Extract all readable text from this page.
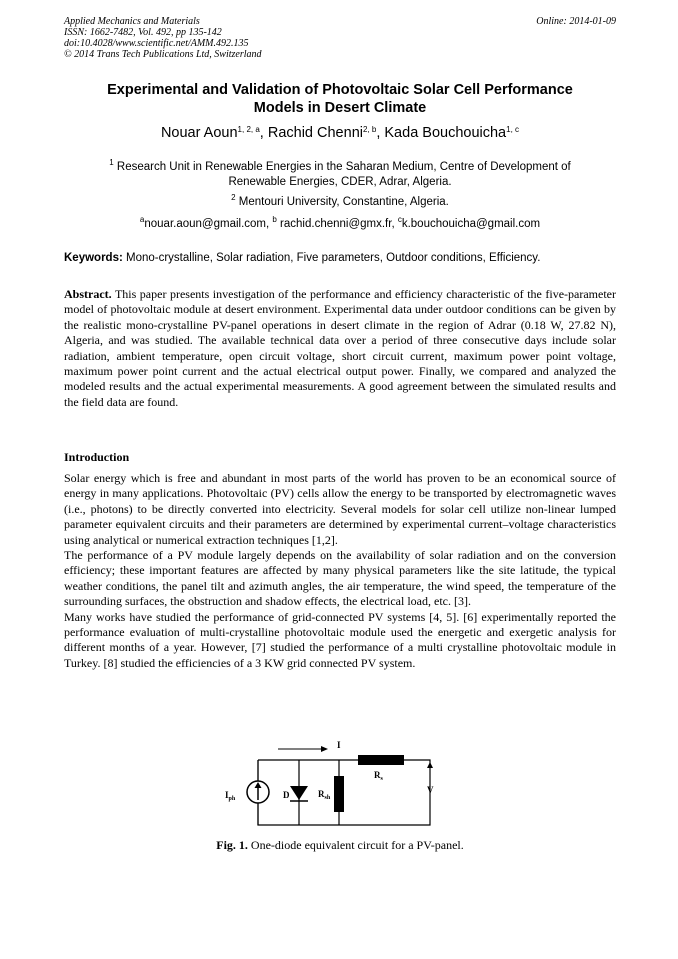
Applied Mechanics and Materials
ISSN: 1662-7482, Vol. 492, pp 135-142
doi:10.4028/www.scientific.net/AMM.492.135
© 2014 Trans Tech Publications Ltd, Switzerland
Online: 2014-01-09
Experimental and Validation of Photovoltaic Solar Cell Performance
Models in Desert Climate
Nouar Aoun$^{1, 2, a}$, Rachid Chenni$^{2, b}$, Kada Bouchouicha$^{1, c}$
$^1$ Research Unit in Renewable Energies in the Saharan Medium, Centre of Development of
Renewable Energies, CDER, Adrar, Algeria.
$^2$ Mentouri University, Constantine, Algeria.
$^a$nouar.aoun@gmail.com, $^b$ rachid.chenni@gmx.fr, $^c$k.bouchouicha@gmail.com
Keywords: Mono-crystalline, Solar radiation, Five parameters, Outdoor conditions, Efficiency.

Abstract. This paper presents investigation of the performance and efficiency characteristic of the five-parameter model of photovoltaic module at desert environment. Experimental data under outdoor conditions can be given by the realistic mono-crystalline PV-panel operations in desert climate in the region of Adrar (0.18 W, 27.82 N), Algeria, and was studied. The available technical data over a period of three consecutive days include solar radiation, ambient temperature, open circuit voltage, short circuit current, maximum power point voltage, maximum power point current and the actual electrical output power. Finally, we compared and analyzed the modeled results and the actual experimental measurements. A good agreement between the simulated results and the field data are found.

Introduction

Solar energy which is free and abundant in most parts of the world has proven to be an economical source of energy in many applications. Photovoltaic (PV) cells allow the energy to be transported by electromagnetic waves (i.e., photons) to be directly converted into electricity. Several models for solar cell utilize non-linear lumped parameter equivalent circuits and their parameters are determined by experimental current–voltage characteristics using analytical or numerical extraction techniques [1,2].

The performance of a PV module largely depends on the availability of solar radiation and on the conversion efficiency; these important features are affected by many physical parameters like the site latitude, the typical weather conditions, the panel tilt and azimuth angles, the air temperature, the wind speed, the temperature of the surrounding surfaces, the obstruction and shadow effects, the electrical load, etc. [3].

Many works have studied the performance of grid-connected PV systems [4, 5]. [6] experimentally reported the performance evaluation of multi-crystalline photovoltaic module used the energetic and exergetic analysis for different months of a year. However, [7] studied the performance of a multi crystalline photovoltaic module in Turkey. [8] studied the efficiencies of a 3 KW grid connected PV system.

I
$R_s$
$I_{ph}$	D	$R_{sh}$
V
Fig. 1. One-diode equivalent circuit for a PV-panel.
